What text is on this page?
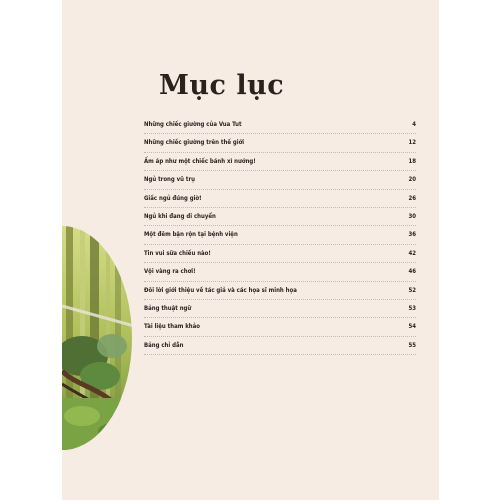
Mục lục
Những chiếc giường của Vua Tut	4
Những chiếc giường trên thế giới	12
Ấm áp như một chiếc bánh xì nướng!	18
Ngủ trong vũ trụ	20
Giấc ngủ đúng giờ!	26
Ngủ khi đang di chuyển	30
Một đêm bận rộn tại bệnh viện	36
Tin vui sữa chiều nào!	42
Vội vàng ra chơi!	46
Đôi lời giới thiệu về tác giả và các họa sĩ minh họa	52
Bảng thuật ngữ	53
Tài liệu tham khảo	54
Bảng chỉ dẫn	55
